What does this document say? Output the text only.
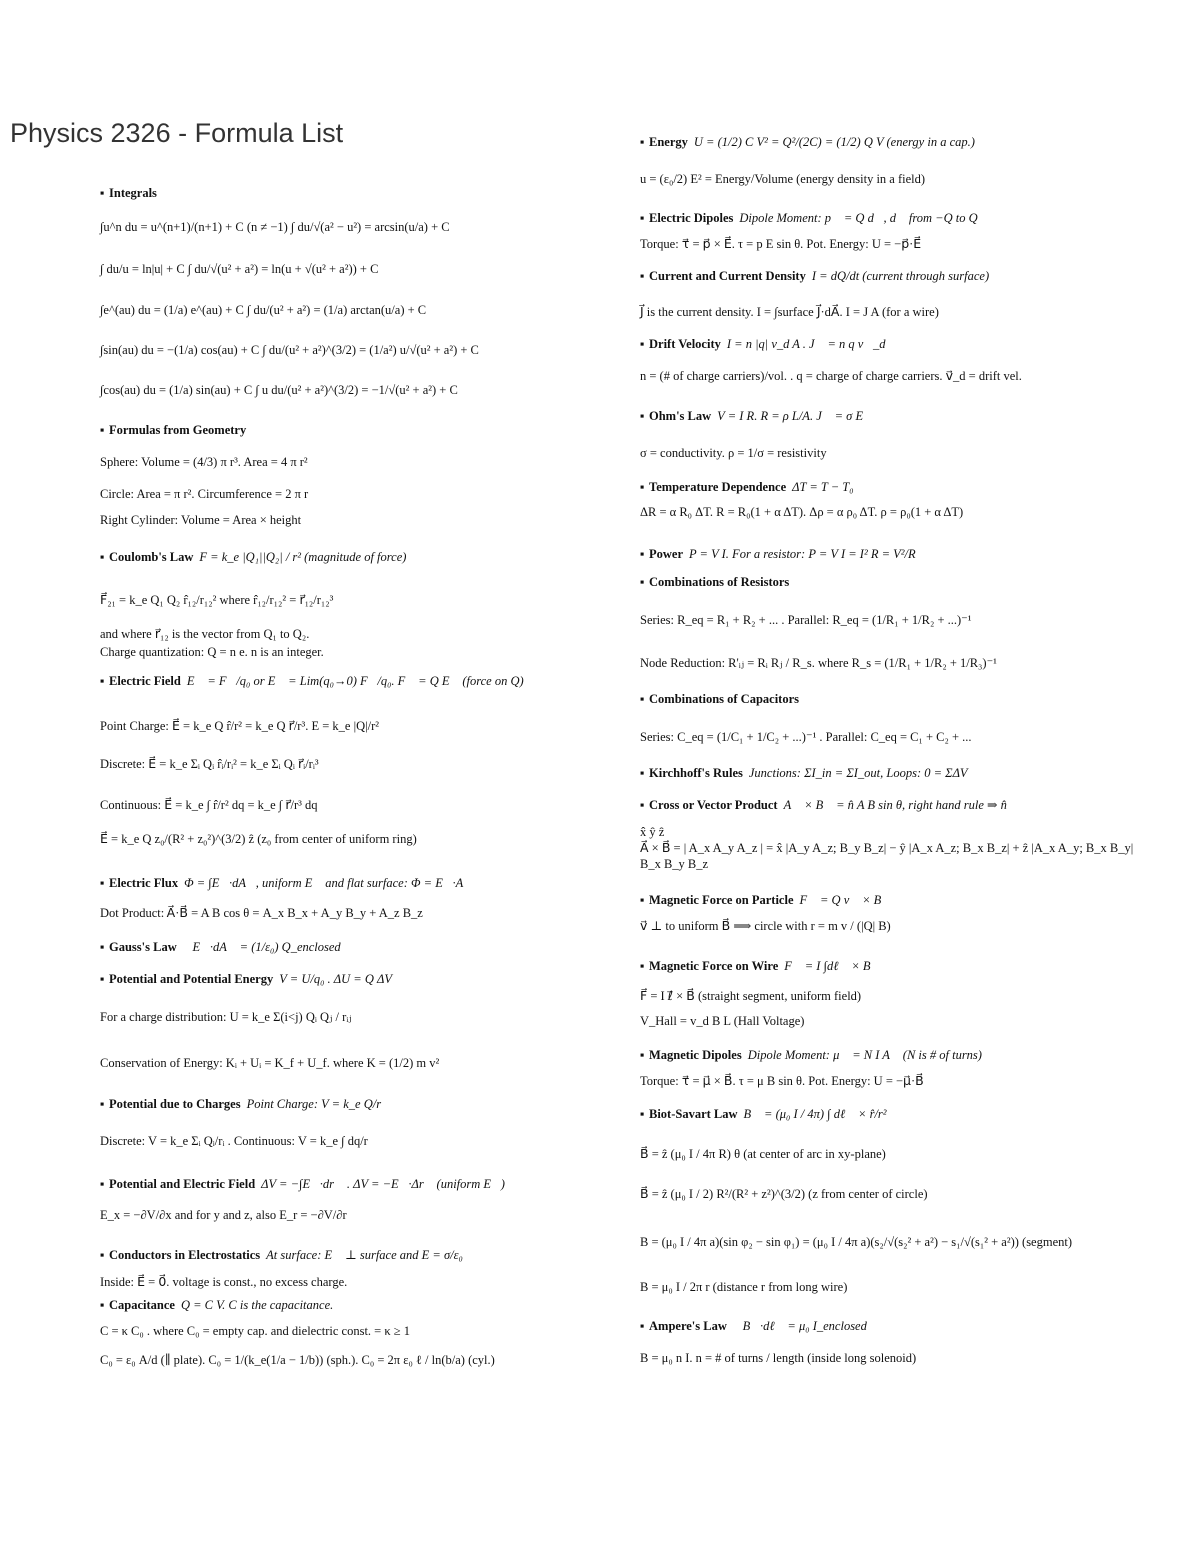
Physics 2326 - Formula List
▪ Integrals
∫u^n du = u^(n+1)/(n+1) + C (n ≠ −1) ∫ du/√(a² − u²) = arcsin(u/a) + C
∫ du/u = ln|u| + C ∫ du/√(u² + a²) = ln(u + √(u² + a²)) + C
∫e^(au) du = (1/a) e^(au) + C ∫ du/(u² + a²) = (1/a) arctan(u/a) + C
∫sin(au) du = −(1/a) cos(au) + C ∫ du/(u² + a²)^(3/2) = (1/a²) u/√(u² + a²) + C
∫cos(au) du = (1/a) sin(au) + C ∫ u du/(u² + a²)^(3/2) = −1/√(u² + a²) + C
▪ Formulas from Geometry
Sphere: Volume = (4/3) π r³. Area = 4 π r²
Circle: Area = π r². Circumference = 2 π r
Right Cylinder: Volume = Area × height
▪ Coulomb's Law F = k_e |Q₁||Q₂| / r² (magnitude of force)
F⃗₂₁ = k_e Q₁ Q₂ r̂₁₂/r₁₂² where r̂₁₂/r₁₂² = r⃗₁₂/r₁₂³
and where r⃗₁₂ is the vector from Q₁ to Q₂.
Charge quantization: Q = n e. n is an integer.
▪ Electric Field E⃗ = F⃗/q₀ or E⃗ = Lim(q₀→0) F⃗/q₀. F⃗ = Q E⃗ (force on Q)
Point Charge: E⃗ = k_e Q r̂/r² = k_e Q r⃗/r³. E = k_e |Q|/r²
Discrete: E⃗ = k_e Σᵢ Qᵢ r̂ᵢ/rᵢ² = k_e Σᵢ Qᵢ r⃗ᵢ/rᵢ³
Continuous: E⃗ = k_e ∫ r̂/r² dq = k_e ∫ r⃗/r³ dq
E⃗ = k_e Q z₀/(R² + z₀²)^(3/2) ẑ (z₀ from center of uniform ring)
▪ Electric Flux Φ = ∫E⃗·dA⃗, uniform E⃗ and flat surface: Φ = E⃗·A⃗
Dot Product: A⃗·B⃗ = A B cos θ = A_x B_x + A_y B_y + A_z B_z
▪ Gauss's Law ∮E⃗·dA⃗ = (1/ε₀) Q_enclosed
▪ Potential and Potential Energy V = U/q₀ . ΔU = Q ΔV
For a charge distribution: U = k_e Σ(i<j) Qᵢ Qⱼ / rᵢⱼ
Conservation of Energy: Kᵢ + Uᵢ = K_f + U_f. where K = (1/2) m v²
▪ Potential due to Charges Point Charge: V = k_e Q/r
Discrete: V = k_e Σᵢ Qᵢ/rᵢ . Continuous: V = k_e ∫ dq/r
▪ Potential and Electric Field ΔV = −∫E⃗·dr⃗ . ΔV = −E⃗·Δr⃗ (uniform E⃗)
E_x = −∂V/∂x and for y and z, also E_r = −∂V/∂r
▪ Conductors in Electrostatics At surface: E⃗ ⊥ surface and E = σ/ε₀
Inside: E⃗ = 0⃗. voltage is const., no excess charge.
▪ Capacitance Q = C V. C is the capacitance.
C = κ C₀ . where C₀ = empty cap. and dielectric const. = κ ≥ 1
C₀ = ε₀ A/d (∥ plate). C₀ = 1/(k_e(1/a − 1/b)) (sph.). C₀ = 2π ε₀ ℓ / ln(b/a) (cyl.)
▪ Energy U = (1/2) C V² = Q²/(2C) = (1/2) Q V (energy in a cap.)
u = (ε₀/2) E² = Energy/Volume (energy density in a field)
▪ Electric Dipoles Dipole Moment: p⃗ = Q d⃗, d⃗ from −Q to Q
Torque: τ⃗ = p⃗ × E⃗. τ = p E sin θ. Pot. Energy: U = −p⃗·E⃗
▪ Current and Current Density I = dQ/dt (current through surface)
J⃗ is the current density. I = ∫surface J⃗·dA⃗. I = J A (for a wire)
▪ Drift Velocity I = n |q| v_d A . J⃗ = n q v⃗_d
n = (# of charge carriers)/vol. . q = charge of charge carriers. v⃗_d = drift vel.
▪ Ohm's Law V = I R. R = ρ L/A. J⃗ = σ E⃗
σ = conductivity. ρ = 1/σ = resistivity
▪ Temperature Dependence ΔT = T − T₀
ΔR = α R₀ ΔT. R = R₀(1 + α ΔT). Δρ = α ρ₀ ΔT. ρ = ρ₀(1 + α ΔT)
▪ Power P = V I. For a resistor: P = V I = I² R = V²/R
▪ Combinations of Resistors
Series: R_eq = R₁ + R₂ + ... . Parallel: R_eq = (1/R₁ + 1/R₂ + ...)⁻¹
Node Reduction: R'ᵢⱼ = Rᵢ Rⱼ / R_s. where R_s = (1/R₁ + 1/R₂ + 1/R₃)⁻¹
▪ Combinations of Capacitors
Series: C_eq = (1/C₁ + 1/C₂ + ...)⁻¹ . Parallel: C_eq = C₁ + C₂ + ...
▪ Kirchhoff's Rules Junctions: ΣI_in = ΣI_out, Loops: 0 = ΣΔV
▪ Cross or Vector Product A⃗ × B⃗ = n̂ A B sin θ, right hand rule ⇒ n̂
x̂ ŷ ẑ
A⃗ × B⃗ = | A_x A_y A_z | = x̂ |A_y A_z; B_y B_z| − ŷ |A_x A_z; B_x B_z| + ẑ |A_x A_y; B_x B_y|
B_x B_y B_z
▪ Magnetic Force on Particle F⃗ = Q v⃗ × B⃗
v⃗ ⊥ to uniform B⃗ ⟹ circle with r = m v / (|Q| B)
▪ Magnetic Force on Wire F⃗ = I ∫dℓ⃗ × B⃗
F⃗ = I ℓ⃗ × B⃗ (straight segment, uniform field)
V_Hall = v_d B L (Hall Voltage)
▪ Magnetic Dipoles Dipole Moment: μ⃗ = N I A⃗ (N is # of turns)
Torque: τ⃗ = μ⃗ × B⃗. τ = μ B sin θ. Pot. Energy: U = −μ⃗·B⃗
▪ Biot-Savart Law B⃗ = (μ₀ I / 4π) ∫ dℓ⃗ × r̂/r²
B⃗ = ẑ (μ₀ I / 4π R) θ (at center of arc in xy-plane)
B⃗ = ẑ (μ₀ I / 2) R²/(R² + z²)^(3/2) (z from center of circle)
B = (μ₀ I / 4π a)(sin φ₂ − sin φ₁) = (μ₀ I / 4π a)(s₂/√(s₂² + a²) − s₁/√(s₁² + a²)) (segment)
B = μ₀ I / 2π r (distance r from long wire)
▪ Ampere's Law ∮B⃗·dℓ⃗ = μ₀ I_enclosed
B = μ₀ n I. n = # of turns / length (inside long solenoid)
